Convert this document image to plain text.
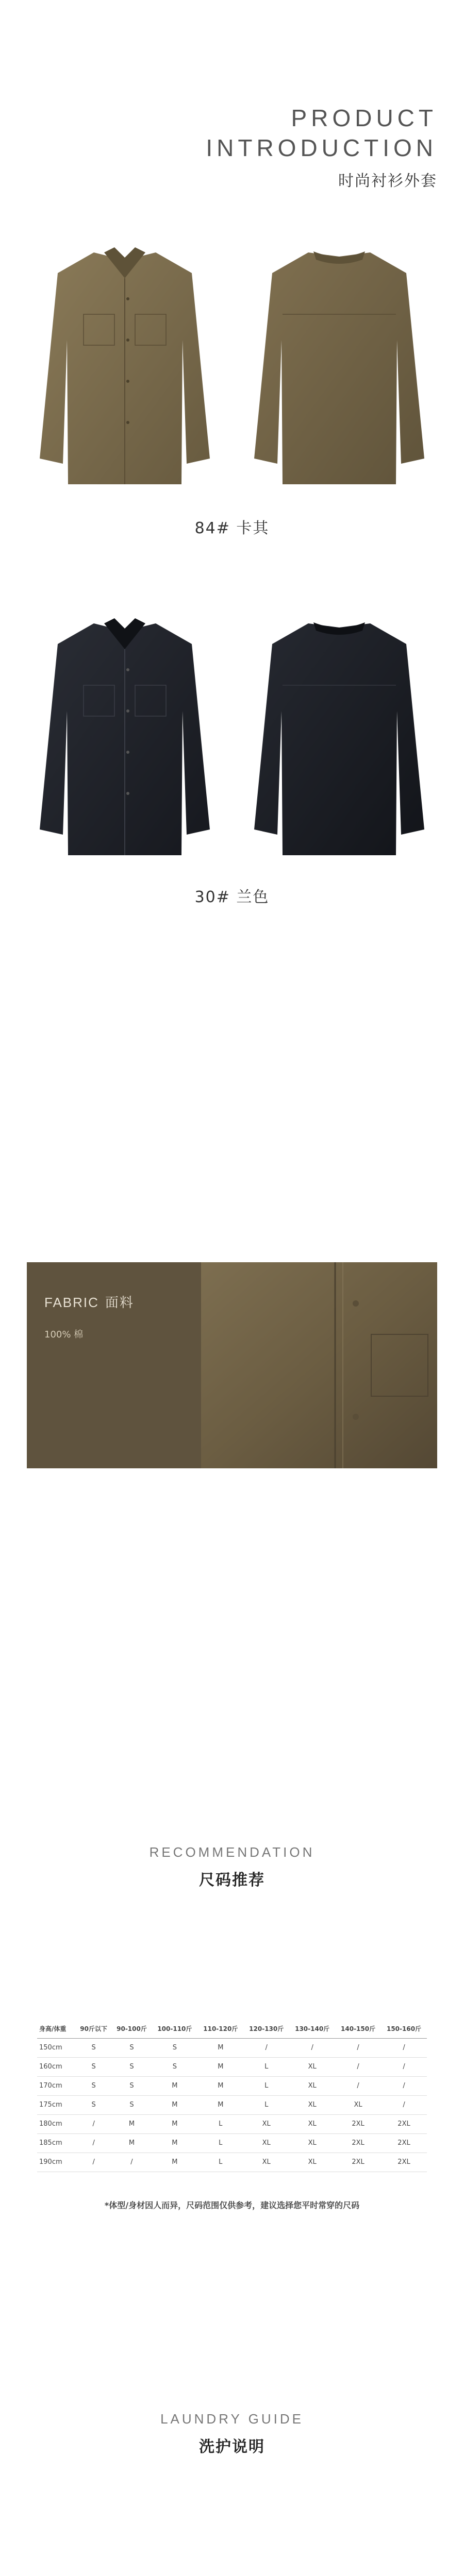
PRODUCT
INTRODUCTION
时尚衬衫外套
84# 卡其
30# 兰色
FABRIC 面料
100% 棉
RECOMMENDATION
尺码推荐
身高/体重	90斤以下	90-100斤	100-110斤	110-120斤	120-130斤	130-140斤	140-150斤	150-160斤
150cm	S	S	S	M	/	/	/	/
160cm	S	S	S	M	L	XL	/	/
170cm	S	S	M	M	L	XL	/	/
175cm	S	S	M	M	L	XL	XL	/
180cm	/	M	M	L	XL	XL	2XL	2XL
185cm	/	M	M	L	XL	XL	2XL	2XL
190cm	/	/	M	L	XL	XL	2XL	2XL
*体型/身材因人而异，尺码范围仅供参考，建议选择您平时常穿的尺码
LAUNDRY GUIDE
洗护说明
